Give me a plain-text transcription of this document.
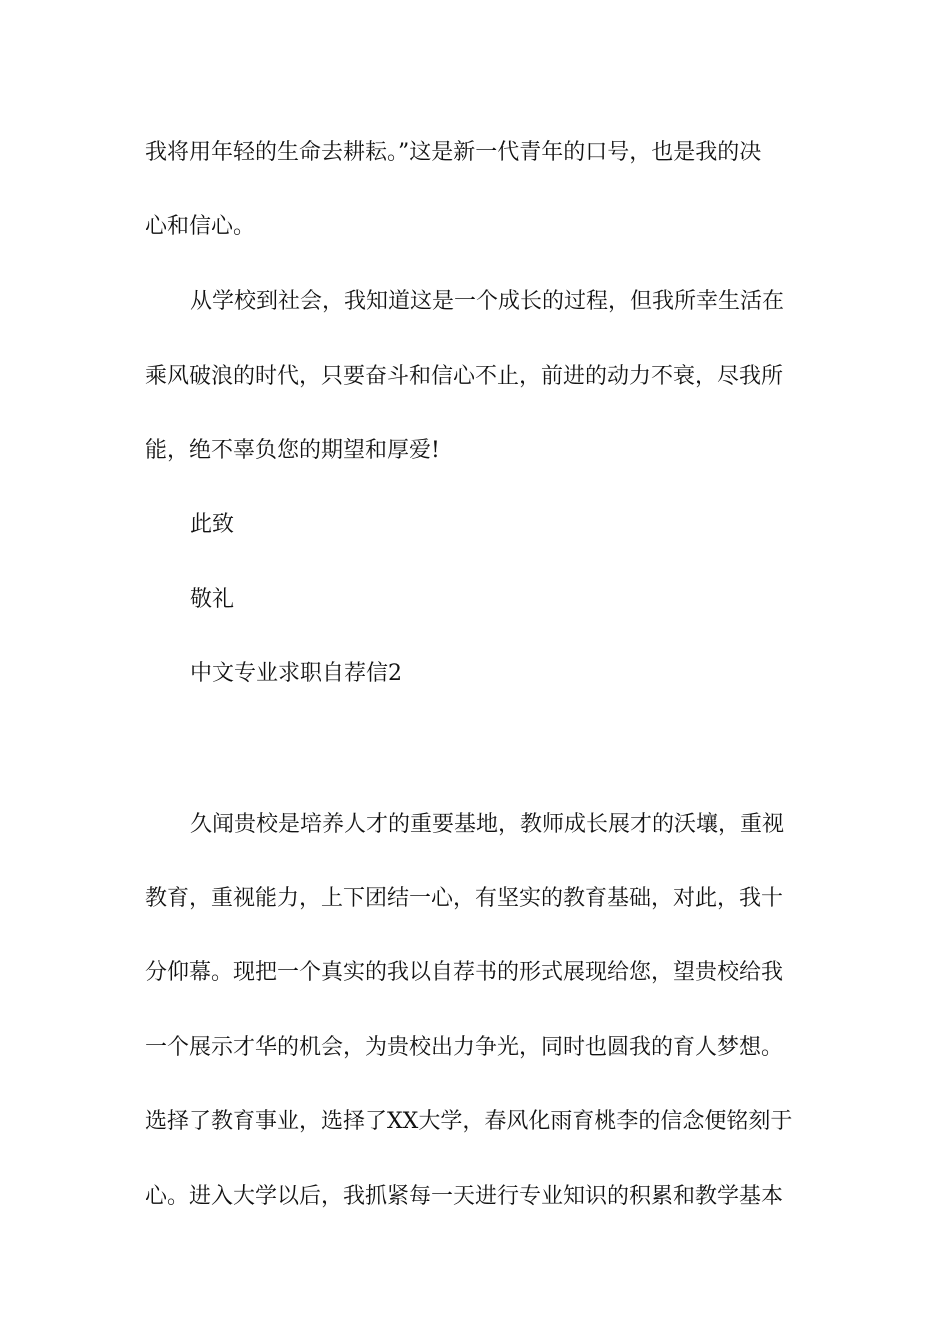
我将用年轻的生命去耕耘。”这是新一代青年的口号，也是我的决
心和信心。
从学校到社会，我知道这是一个成长的过程，但我所幸生活在
乘风破浪的时代，只要奋斗和信心不止，前进的动力不衰，尽我所
能，绝不辜负您的期望和厚爱!
此致
敬礼
中文专业求职自荐信2
久闻贵校是培养人才的重要基地，教师成长展才的沃壤，重视
教育，重视能力，上下团结一心，有坚实的教育基础，对此，我十
分仰幕。现把一个真实的我以自荐书的形式展现给您，望贵校给我
一个展示才华的机会，为贵校出力争光，同时也圆我的育人梦想。
选择了教育事业，选择了XX大学，春风化雨育桃李的信念便铭刻于
心。进入大学以后，我抓紧每一天进行专业知识的积累和教学基本
